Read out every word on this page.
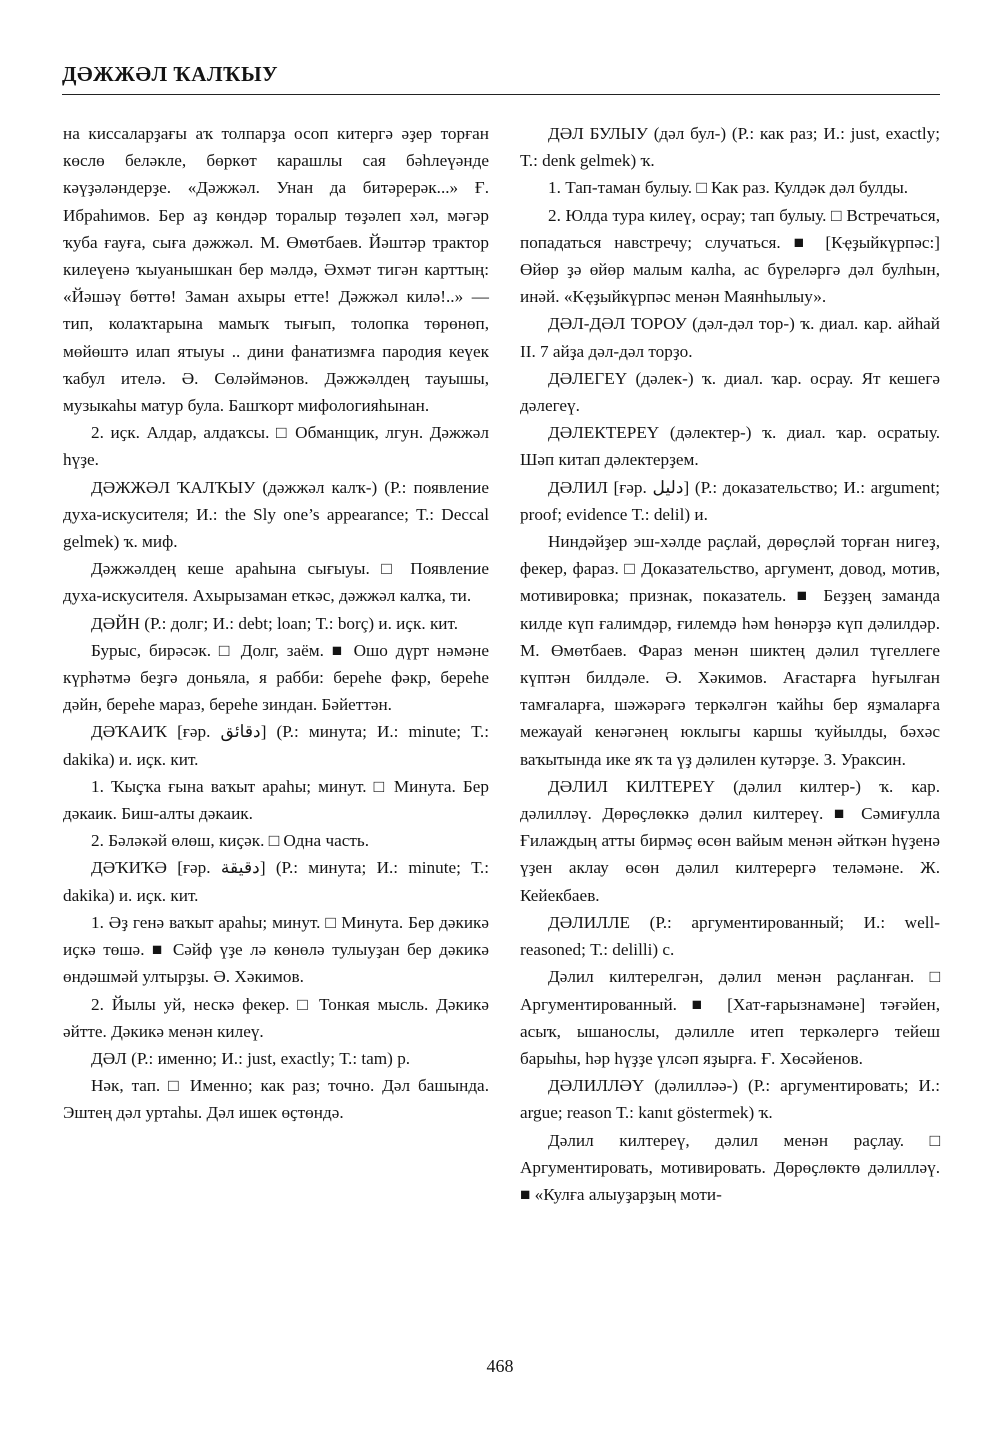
ДӘЖЖӘЛ ҠАЛҠЫУ

на киссаларҙағы аҡ толпарҙа осоп китергә әҙер торған көслө беләкле, бөркөт карашлы сая бәһлеүәнде кәүҙәләндерҙе. «Дәжжәл. Унан да битәрерәк...» Ғ. Ибраһимов. Бер аҙ көндәр торалыр төҙәлеп хәл, мәгәр ҡуба ғауға, сыға дәжжәл. М. Өмөтбаев. Йәштәр трактор килеүенә ҡыуанышкан бер мәлдә, Әхмәт тигән карттың: «Йәшәү бөттө! Заман ахыры етте! Дәжжәл килә!..» — тип, колаҡтарына мамыҡ тығып, толопка төрөнөп, мөйөштә илап ятыуы .. дини фанатизмға пародия кеүек ҡабул ителә. Ә. Сөләймәнов. Дәжжәлдең тауышы, музыкаһы матур була. Башҡорт мифологияһынан.

2. иҫк. Алдар, алдаҡсы. □ Обманщик, лгун. Дәжжәл һүҙе.

ДӘЖЖӘЛ ҠАЛҠЫУ (дәжжәл калҡ-) (Р.: появление духа-искусителя; И.: the Sly one’s appearance; Т.: Deccal gelmek) ҡ. миф.

Дәжжәлдең кеше араһына сығыуы. □ Появление духа-искусителя. Ахырызаман еткәс, дәжжәл калҡа, ти.

ДӘЙН (Р.: долг; И.: debt; loan; Т.: borç) и. иҫк. кит.

Бурыс, бирәсәк. □ Долг, заём. ■ Ошо дүрт нәмәне күрһәтмә беҙгә доньяла, я рабби: береһе фәкр, береһе дәйн, береһе мараз, береһе зиндан. Бәйеттән.

ДӘҠАИҠ [ғәр. دقائق] (Р.: минута; И.: minute; Т.: dakika) и. иҫк. кит.

1. Ҡыҫҡа ғына ваҡыт араһы; минут. □ Минута. Бер дәкаик. Биш-алты дәкаик.

2. Бәләкәй өлөш, киҫәк. □ Одна часть.

ДӘҠИҠӘ [ғәр. دقيقة] (Р.: минута; И.: minute; Т.: dakika) и. иҫк. кит.

1. Әҙ генә ваҡыт араһы; минут. □ Минута. Бер дәкикә иҫкә төшә. ■ Сәйф үҙе лә көнөлә тулыуҙан бер дәкикә өндәшмәй ултырҙы. Ә. Хәкимов.

2. Йылы уй, нескә фекер. □ Тонкая мысль. Дәкикә әйтте. Дәкикә менән килеү.

ДӘЛ (Р.: именно; И.: just, exactly; Т.: tam) р.

Нәк, тап. □ Именно; как раз; точно. Дәл башында. Эштең дәл уртаһы. Дәл ишек өҫтөндә.

ДӘЛ БУЛЫУ (дәл бул-) (Р.: как раз; И.: just, exactly; Т.: denk gelmek) ҡ.

1. Тап-таман булыу. □ Как раз. Кулдәк дәл булды.

2. Юлда тура килеү, осрау; тап булыу. □ Встречаться, попадаться навстречу; случаться. ■ [Кҿҙыйкүрпәс:] Өйөр ҙә өйөр малым калһа, ас бүреләргә дәл булһын, инәй. «Кҿҙыйкүрпәс менән Маянһылыу».

ДӘЛ-ДӘЛ ТОРОУ (дәл-дәл тор-) ҡ. диал. кар. айһай II. 7 айҙа дәл-дәл торҙо.

ДӘЛЕГЕҮ (дәлек-) ҡ. диал. ҡар. осрау. Ят кешегә дәлегеү.

ДӘЛЕКТЕРЕҮ (дәлектер-) ҡ. диал. ҡар. осратыу. Шәп китап дәлектерҙем.

ДӘЛИЛ [ғәр. دليل] (Р.: доказательство; И.: argument; proof; evidence Т.: delil) и.

Ниндәйҙер эш-хәлде раҫлай, дөрөҫләй торған нигеҙ, фекер, фараз. □ Доказательство, аргумент, довод, мотив, мотивировка; признак, показатель. ■ Беҙҙең заманда килде күп ғалимдәр, ғилемдә һәм һөнәрҙә күп дәлилдәр. М. Өмөтбаев. Фараз менән шиктең дәлил түгеллеге күптән билдәле. Ә. Хәкимов. Ағастарға һуғылған тамғаларға, шәжәрәгә теркәлгән ҡайһы бер яҙмаларға межауай кенәгәнең юклыгы каршы ҡуйылды, бәхәс ваҡытында ике яҡ та үҙ дәлилен кутәрҙе. З. Ураксин.

ДӘЛИЛ КИЛТЕРЕҮ (дәлил килтер-) ҡ. кар. дәлилләү. Дөрөҫлөккә дәлил килтереү. ■ Сәмиғулла Ғилаждың атты бирмәҫ өсөн вайым менән әйткән һүҙенә үҙен аклау өсөн дәлил килтерергә теләмәне. Ж. Кейекбаев.

ДӘЛИЛЛЕ (Р.: аргументированный; И.: well-reasoned; Т.: delilli) с.

Дәлил килтерелгән, дәлил менән раҫланған. □ Аргументированный. ■ [Хат-ғарызнамәне] тәғәйен, асыҡ, ышанослы, дәлилле итеп теркәлергә тейеш барыһы, һәр һүҙҙе үлсәп яҙырға. Ғ. Хөсәйенов.

ДӘЛИЛЛӘҮ (дәлилләә-) (Р.: аргументировать; И.: argue; reason Т.: kanıt göstermek) ҡ.

Дәлил килтереү, дәлил менән раҫлау. □ Аргументировать, мотивировать. Дөрөҫлөктө дәлилләү. ■ «Кулға алыуҙарҙың моти-

468
